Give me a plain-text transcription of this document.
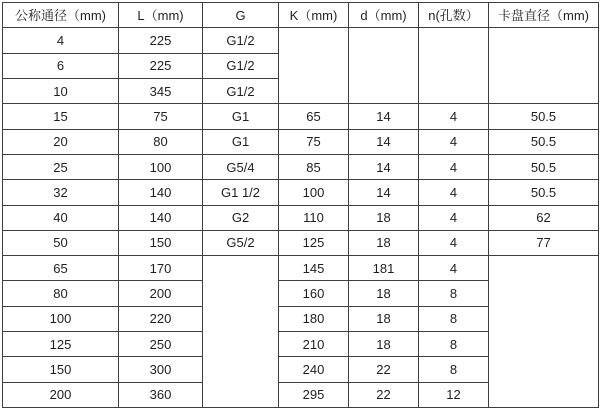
公称通径（mm)	L（mm)	G	K（mm)	d（mm)	n(孔数）	卡盘直径（mm)
4	225	G1/2				
6	225	G1/2				
10	345	G1/2				
15	75	G1	65	14	4	50.5
20	80	G1	75	14	4	50.5
25	100	G5/4	85	14	4	50.5
32	140	G1 1/2	100	14	4	50.5
40	140	G2	110	18	4	62
50	150	G5/2	125	18	4	77
65	170		145	181	4	
80	200		160	18	8	
100	220		180	18	8	
125	250		210	18	8	
150	300		240	22	8	
200	360		295	22	12	
